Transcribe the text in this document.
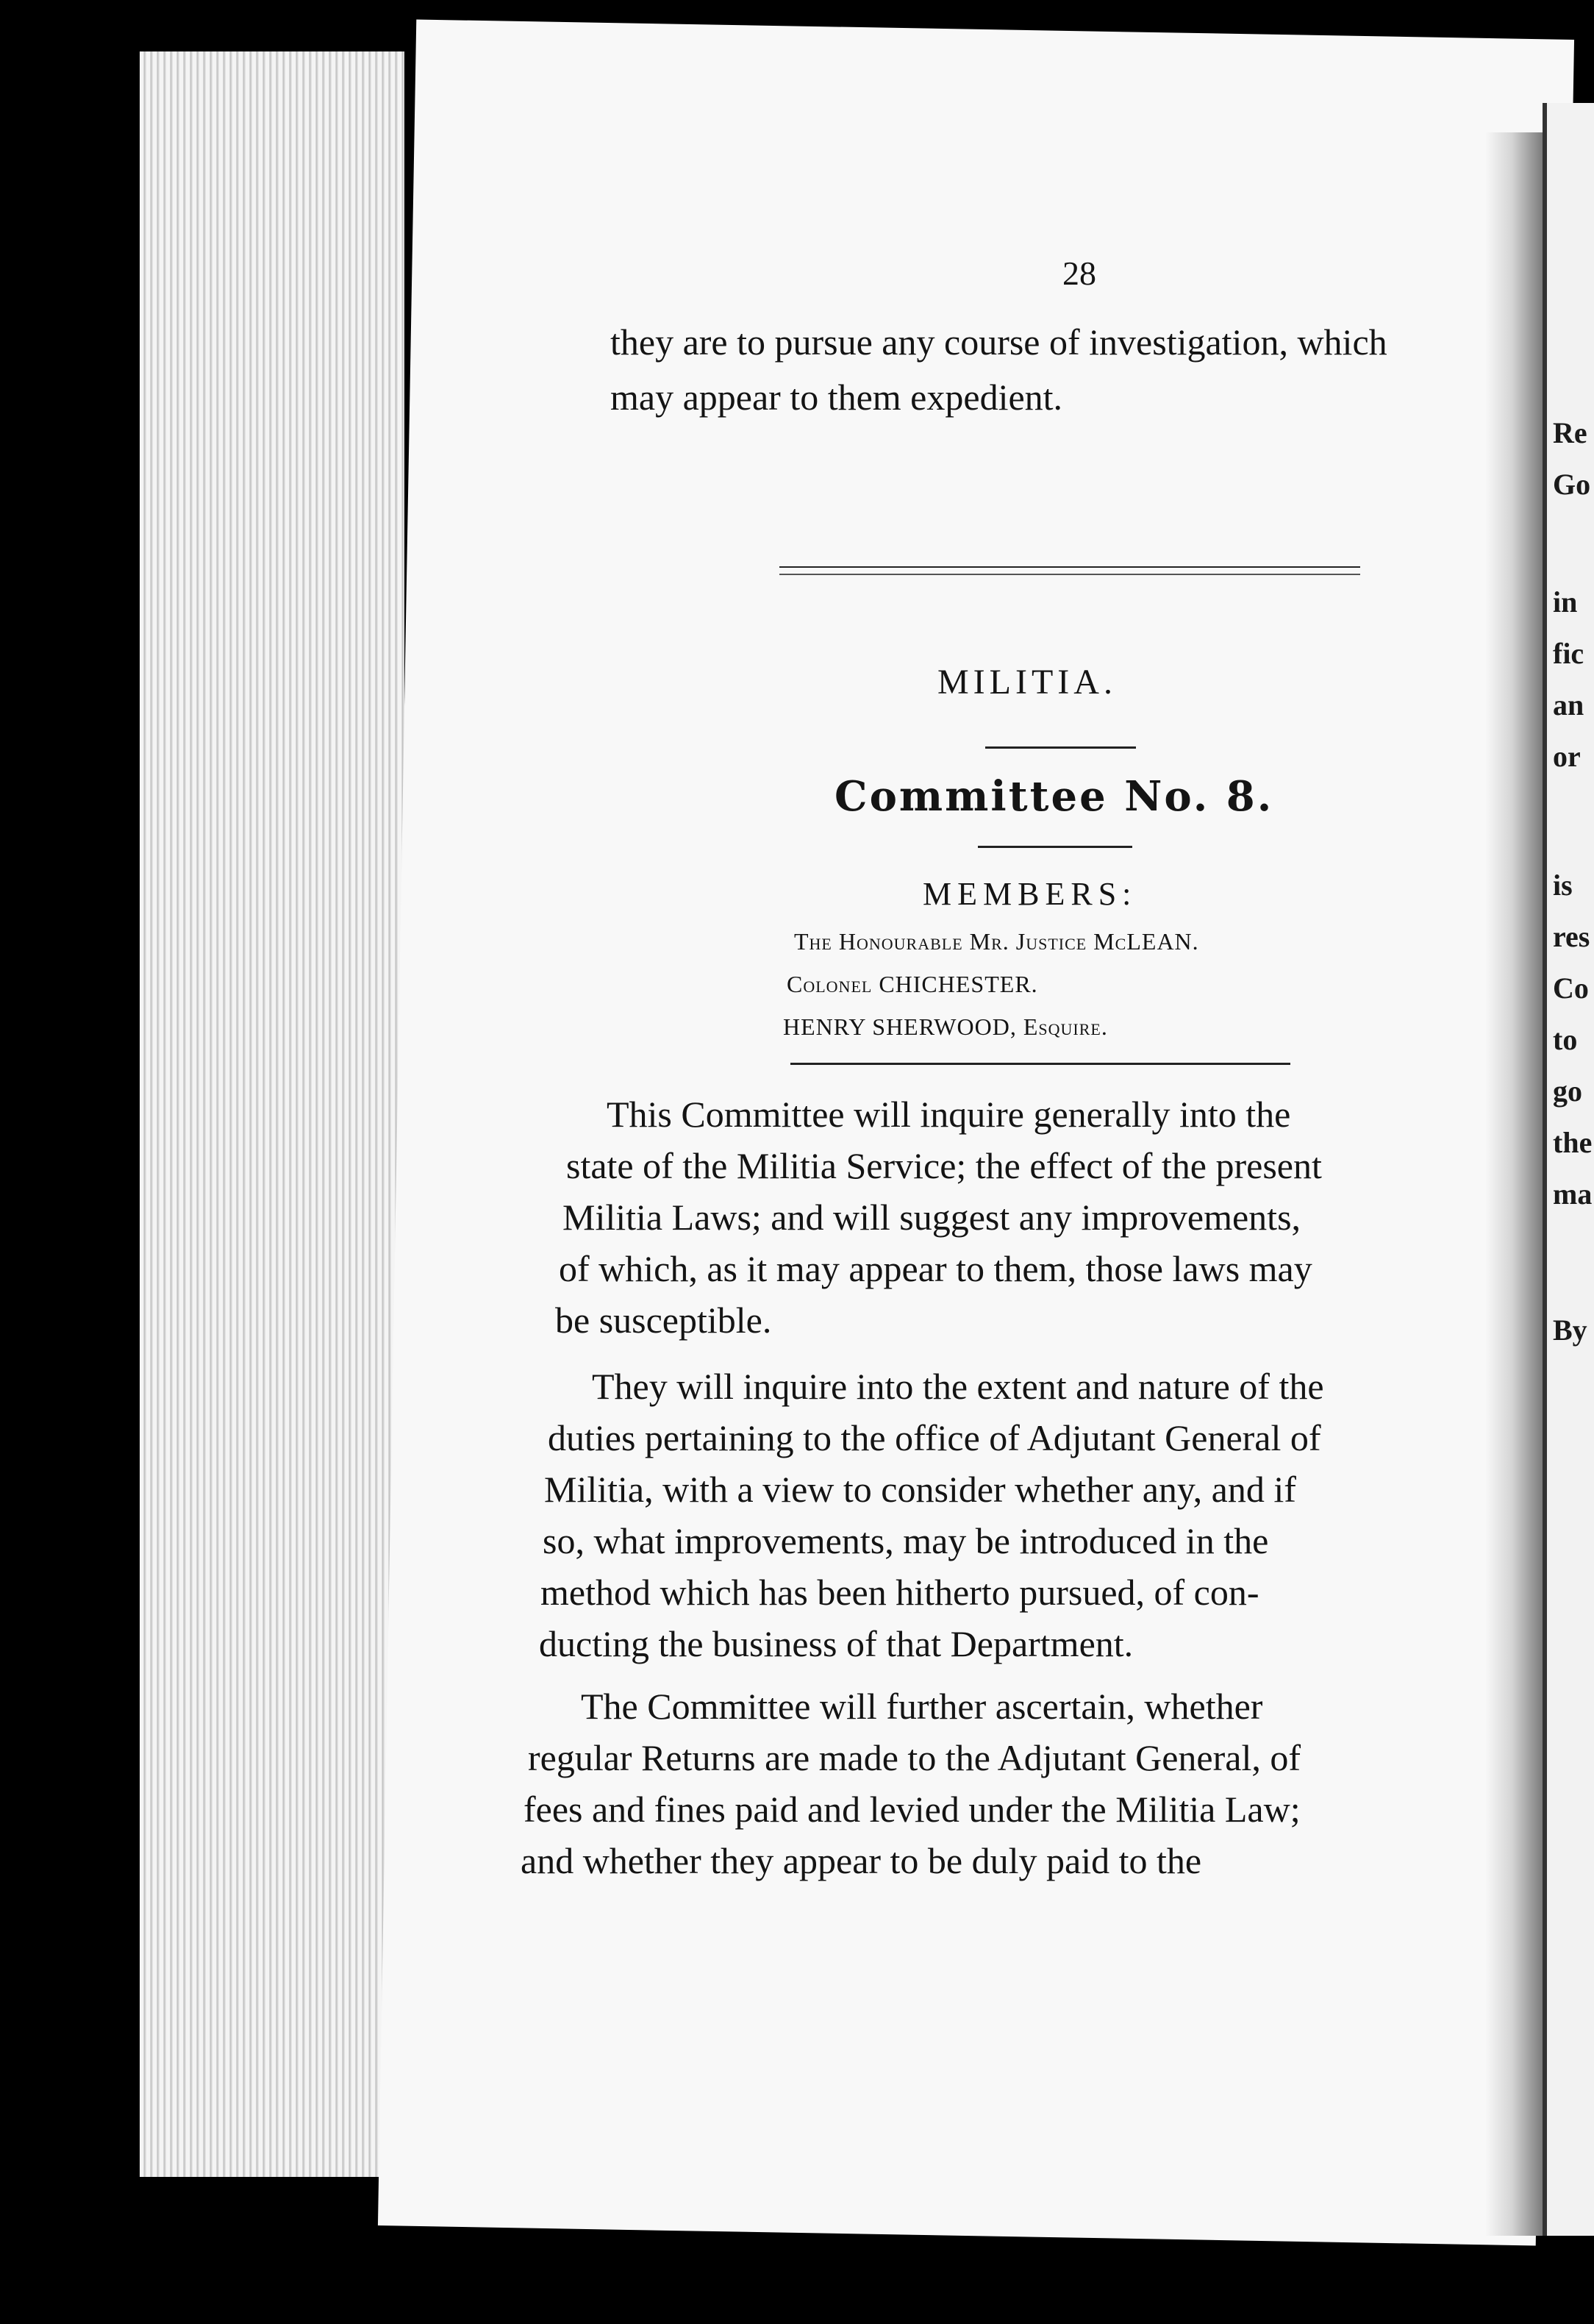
28
they are to pursue any course of investigation, which
may appear to them expedient.
MILITIA.
Committee No. 8.
MEMBERS:
The Honourable Mr. Justice McLEAN.
Colonel CHICHESTER.
HENRY SHERWOOD, Esquire.
This Committee will inquire generally into the
state of the Militia Service; the effect of the present
Militia Laws; and will suggest any improvements,
of which, as it may appear to them, those laws may
be susceptible.
They will inquire into the extent and nature of the
duties pertaining to the office of Adjutant General of
Militia, with a view to consider whether any, and if
so, what improvements, may be introduced in the
method which has been hitherto pursued, of con-
ducting the business of that Department.
The Committee will further ascertain, whether
regular Returns are made to the Adjutant General, of
fees and fines paid and levied under the Militia Law;
and whether they appear to be duly paid to the
Re
Go
in
fic
an
or
is
res
Co
to
go
the
ma
By
